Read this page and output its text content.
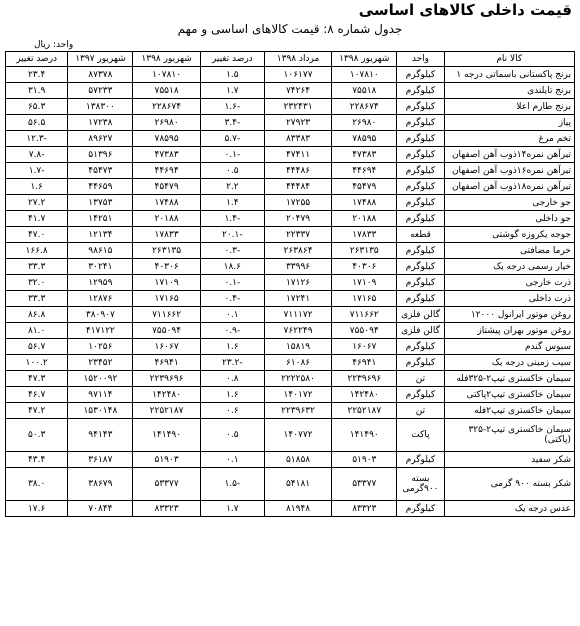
قیمت داخلی کالاهای اساسی
جدول شماره ۸: قیمت کالاهای اساسی و مهم
واحد: ریال
کالا نام	واحد	شهریور ۱۳۹۸	مرداد ۱۳۹۸	درصد تغییر	شهریور ۱۳۹۸	شهریور ۱۳۹۷	درصد تغییر
برنج پاکستانی باسماتی درجه ۱	کیلوگرم	۱۰۷۸۱۰	۱۰۶۱۷۷	۱.۵	۱۰۷۸۱۰	۸۷۳۷۸	۲۳.۴
برنج تایلندی	کیلوگرم	۷۵۵۱۸	۷۴۲۶۴	۱.۷	۷۵۵۱۸	۵۷۲۳۳	۳۱.۹
برنج طارم اعلا	کیلوگرم	۲۲۸۶۷۴	۲۳۲۴۳۱	-۱.۶	۲۲۸۶۷۴	۱۳۸۳۰۰	۶۵.۳
پیاز	کیلوگرم	۲۶۹۸۰	۲۷۹۲۳	-۳.۴	۲۶۹۸۰	۱۷۲۳۸	۵۶.۵
تخم مرغ	کیلوگرم	۷۸۵۹۵	۸۳۳۸۳	-۵.۷	۷۸۵۹۵	۸۹۶۲۷	-۱۲.۳
تیرآهن نمره۱۴ذوب آهن اصفهان	کیلوگرم	۴۷۳۸۳	۴۷۴۱۱	-۰.۱	۴۷۳۸۳	۵۱۳۹۶	-۷.۸
تیرآهن نمره۱۶ذوب آهن اصفهان	کیلوگرم	۴۴۶۹۴	۴۴۴۸۶	۰.۵	۴۴۶۹۴	۴۵۴۷۳	-۱.۷
تیرآهن نمره۱۸ذوب آهن اصفهان	کیلوگرم	۴۵۴۷۹	۴۴۴۸۴	۲.۲	۴۵۴۷۹	۴۴۶۵۹	۱.۶
جو خارجی	کیلوگرم	۱۷۴۸۸	۱۷۲۵۵	۱.۴	۱۷۴۸۸	۱۳۷۵۳	۲۷.۲
جو داخلی	کیلوگرم	۲۰۱۸۸	۲۰۴۷۹	-۱.۴	۲۰۱۸۸	۱۴۲۵۱	۴۱.۷
جوجه یکروزه گوشتی	قطعه	۱۷۸۳۳	۲۲۳۳۷	-۲۰.۱	۱۷۸۳۳	۱۲۱۳۴	۴۷.۰
خرما مضافتی	کیلوگرم	۲۶۳۱۳۵	۲۶۳۸۶۴	-۰.۳	۲۶۳۱۳۵	۹۸۶۱۵	۱۶۶.۸
خیار رسمی درجه یک	کیلوگرم	۴۰۳۰۶	۳۳۹۹۶	۱۸.۶	۴۰۳۰۶	۳۰۲۴۱	۳۳.۳
ذرت خارجی	کیلوگرم	۱۷۱۰۹	۱۷۱۲۶	-۰.۱	۱۷۱۰۹	۱۲۹۵۹	۳۲.۰
ذرت داخلی	کیلوگرم	۱۷۱۶۵	۱۷۲۴۱	-۰.۴	۱۷۱۶۵	۱۲۸۷۶	۳۳.۳
روغن موتور ایرانول ۱۲۰۰۰	گالن فلزی	۷۱۱۶۶۲	۷۱۱۱۷۲	۰.۱	۷۱۱۶۶۲	۳۸۰۹۰۷	۸۶.۸
روغن موتور بهران پیشتاز	گالن فلزی	۷۵۵۰۹۴	۷۶۲۲۴۹	-۰.۹	۷۵۵۰۹۴	۴۱۷۱۲۲	۸۱.۰
سبوس گندم	کیلوگرم	۱۶۰۶۷	۱۵۸۱۹	۱.۶	۱۶۰۶۷	۱۰۲۵۶	۵۶.۷
سیب زمینی درجه یک	کیلوگرم	۴۶۹۴۱	۶۱۰۸۶	-۲۳.۲	۴۶۹۴۱	۲۳۴۵۲	۱۰۰.۲
سیمان خاکستری تیپ۲-۳۲۵فله	تن	۲۲۳۹۶۹۶	۲۲۲۲۵۸۰	۰.۸	۲۲۳۹۶۹۶	۱۵۲۰۰۹۲	۴۷.۳
سیمان خاکستری تیپ۲پاکتی	کیلوگرم	۱۴۲۴۸۰	۱۴۰۱۷۲	۱.۶	۱۴۲۴۸۰	۹۷۱۱۴	۴۶.۷
سیمان خاکستری تیپ۲فله	تن	۲۲۵۲۱۸۷	۲۲۳۹۶۳۲	۰.۶	۲۲۵۲۱۸۷	۱۵۳۰۱۴۸	۴۷.۲
سیمان خاکستری تیپ۲-۳۲۵ (پاکتی)	پاکت	۱۴۱۴۹۰	۱۴۰۷۷۲	۰.۵	۱۴۱۴۹۰	۹۴۱۴۳	۵۰.۳
شکر سفید	کیلوگرم	۵۱۹۰۳	۵۱۸۵۸	۰.۱	۵۱۹۰۳	۳۶۱۸۷	۴۳.۴
شکر بسته ۹۰۰ گرمی	بسته ۹۰۰گرمی	۵۳۳۷۷	۵۴۱۸۱	-۱.۵	۵۳۳۷۷	۳۸۶۷۹	۳۸.۰
عدس درجه یک	کیلوگرم	۸۳۳۲۳	۸۱۹۴۸	۱.۷	۸۳۳۲۳	۷۰۸۴۴	۱۷.۶
